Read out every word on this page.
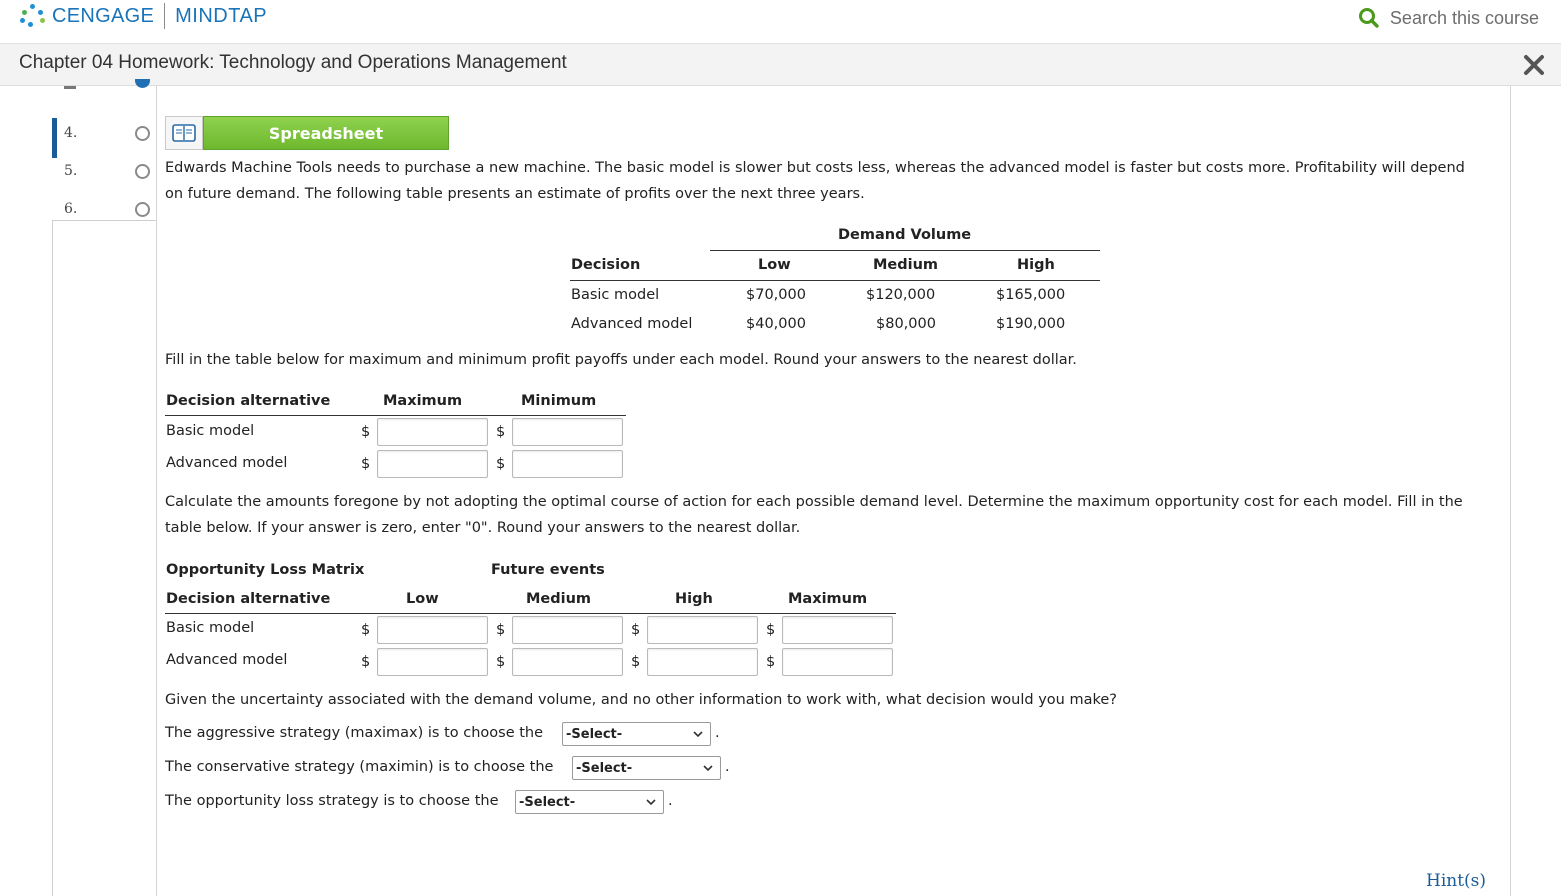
CENGAGE MINDTAP	Search this course
Chapter 04 Homework: Technology and Operations Management
4.
5.
6.
Spreadsheet
Edwards Machine Tools needs to purchase a new machine. The basic model is slower but costs less, whereas the advanced model is faster but costs more. Profitability will depend
on future demand. The following table presents an estimate of profits over the next three years.
Demand Volume
Decision	Low	Medium	High
Basic model	$70,000	$120,000	$165,000
Advanced model	$40,000	$80,000	$190,000
Fill in the table below for maximum and minimum profit payoffs under each model. Round your answers to the nearest dollar.
Decision alternative	Maximum	Minimum
Basic model	$	$
Advanced model	$	$
Calculate the amounts foregone by not adopting the optimal course of action for each possible demand level. Determine the maximum opportunity cost for each model. Fill in the
table below. If your answer is zero, enter "0". Round your answers to the nearest dollar.
Opportunity Loss Matrix	Future events
Decision alternative	Low	Medium	High	Maximum
Basic model	$	$	$	$
Advanced model	$	$	$	$
Given the uncertainty associated with the demand volume, and no other information to work with, what decision would you make?
The aggressive strategy (maximax) is to choose the -Select-	.
The conservative strategy (maximin) is to choose the -Select-	.
The opportunity loss strategy is to choose the -Select-	.
Hint(s)
